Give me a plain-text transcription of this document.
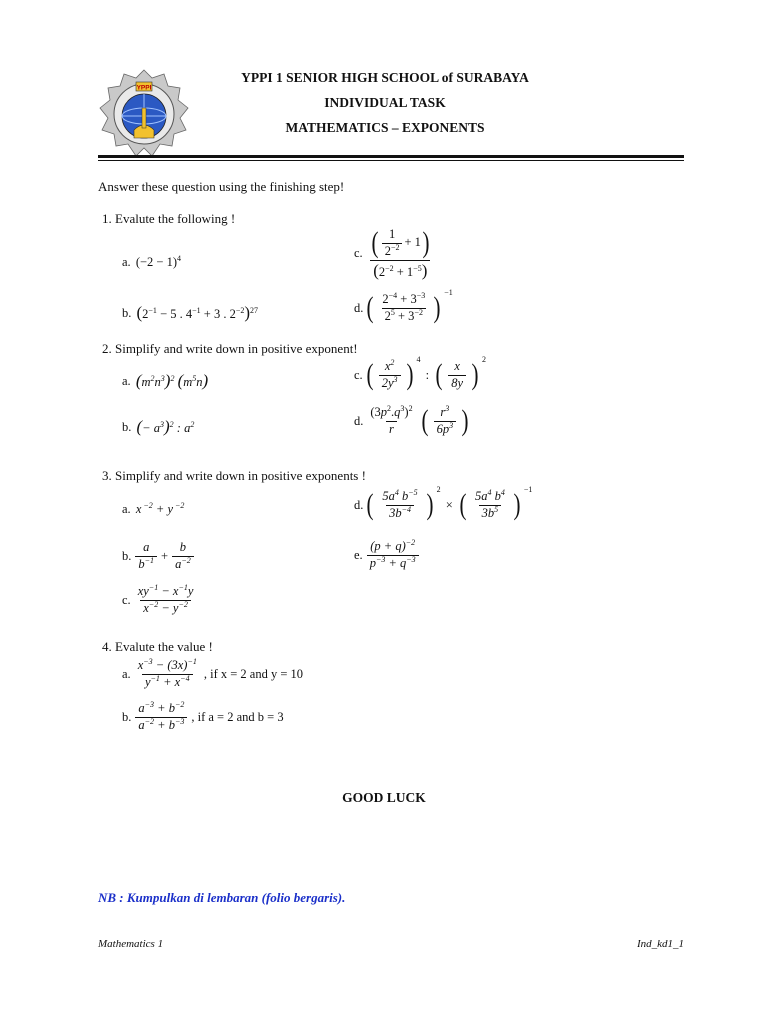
YPPI
YPPI 1 SENIOR HIGH SCHOOL of SURABAYA
INDIVIDUAL TASK
MATHEMATICS – EXPONENTS
Answer these question using the finishing step!
1. Evalute the following !
a. $(-2 - 1)^4$	c. $\frac{( \frac{1}{2^{-2}} + 1 )}{(2^{-2} + 1^{-5})}$
b. ($2^{-1} - 5$ . $4^{-1} + 3$ . $2^{-2})^{27}$	d. ( $\frac{2^{-4} + 3^{-3}}{2^5 + 3^{-2}}$ ) −1
2. Simplify and write down in positive exponent!
a. $(m^2n^3)^2$ $(m^5n)$	c. ( $\frac{x^2}{2y^3}$ ) 4
: ( $\frac{x}{8y}$ ) 2
b. (− $a^3)^2$ : $a^2$	d. $\frac{(3p^2.q^3)^2}{r}$ ( $\frac{r^3}{6p^3}$ )
3. Simplify and write down in positive exponents !
a. x $^{-2}$ + y $^{-2}$	d. ( $\frac{5a^4 b^{-5}}{3b^{-4}}$ ) 2
× ( $\frac{5a^4 b^4}{3b^5}$ ) −1
b. $\frac{a}{b^{-1}} + \frac{b}{a^{-2}}$	e. $\frac{(p + q)^{-2}}{p^{-3} + q^{-3}}$
c. $\frac{xy^{-1} - x^{-1}y}{x^{-2} - y^{-2}}$
4. Evalute the value !
a. $\frac{x^{-3} - (3x)^{-1}}{y^{-1} + x^{-4}}$ , if x = 2 and y = 10
b. $\frac{a^{-3} + b^{-2}}{a^{-2} + b^{-3}}$ , if a = 2 and b = 3
GOOD LUCK
NB : Kumpulkan di lembaran (folio bergaris).
Mathematics 1	Ind_kd1_1
